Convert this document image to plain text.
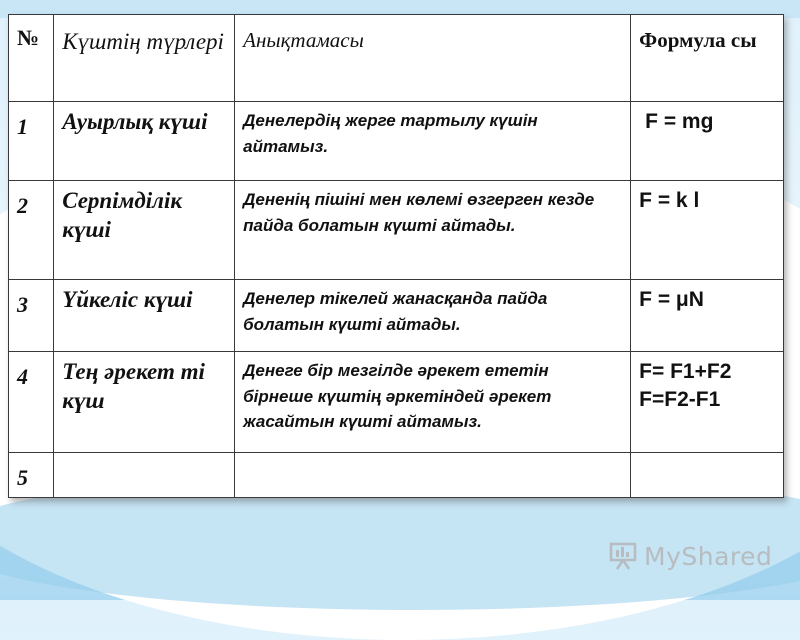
№	Күштің түрлері	Анықтамасы	Формула сы
1	Ауырлық күші	Денелердің жерге тартылу күшін айтамыз.	F = mg

2	Серпімділік күші	Дененің пішіні мен көлемі өзгерген кезде пайда болатын күшті айтады.	F = k l

3	Үйкеліс күші	Денелер тікелей жанасқанда пайда болатын күшті айтады.	F = μN

4	Тең әрекет ті күш	Денеге бір мезгілде әрекет ететін бірнеше күштің әркетіндей әрекет жасайтын күшті айтамыз.	F= F1+F2
F=F2-F1

5			
MyShared
